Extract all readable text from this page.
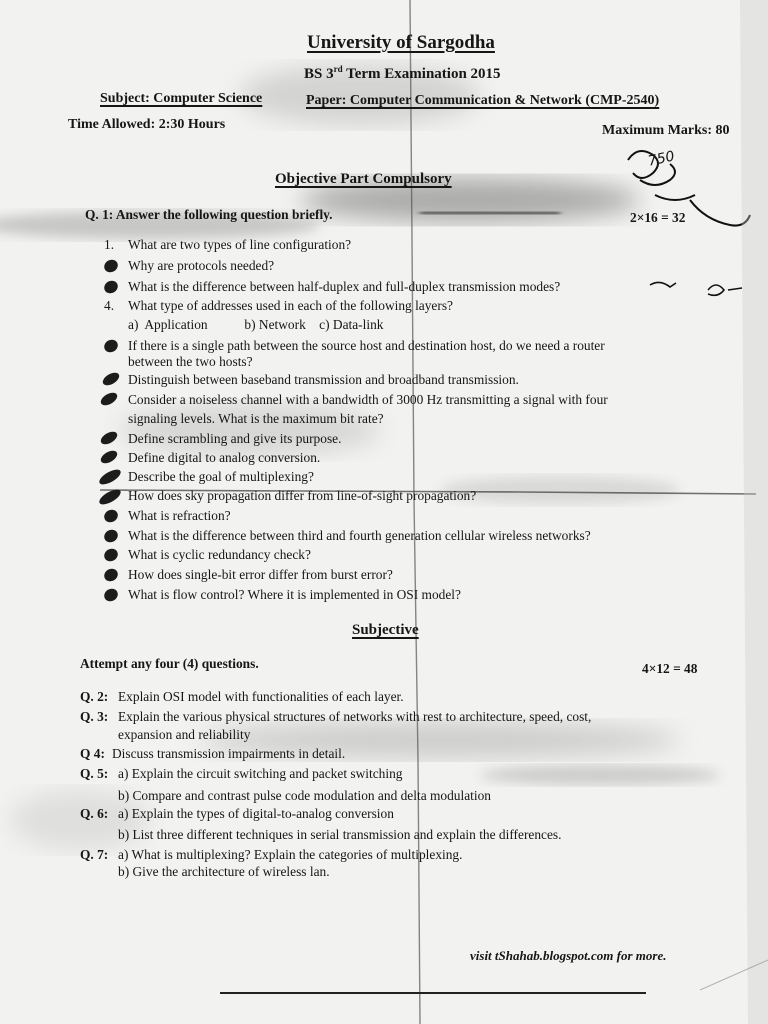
University of Sargodha
BS 3rd Term Examination 2015
Subject: Computer Science	Paper: Computer Communication & Network (CMP-2540)
Time Allowed: 2:30 Hours	Maximum Marks: 80
750
Objective Part Compulsory
Q. 1: Answer the following question briefly.	2×16 = 32
1. What are two types of line configuration?
Why are protocols needed?
What is the difference between half-duplex and full-duplex transmission modes?
4. What type of addresses used in each of the following layers?
a)  Application           b) Network    c) Data-link
If there is a single path between the source host and destination host, do we need a router
between the two hosts?
Distinguish between baseband transmission and broadband transmission.
Consider a noiseless channel with a bandwidth of 3000 Hz transmitting a signal with four
signaling levels. What is the maximum bit rate?
Define scrambling and give its purpose.
Define digital to analog conversion.
Describe the goal of multiplexing?
How does sky propagation differ from line-of-sight propagation?
What is refraction?
What is the difference between third and fourth generation cellular wireless networks?
What is cyclic redundancy check?
How does single-bit error differ from burst error?
What is flow control? Where it is implemented in OSI model?
Subjective
Attempt any four (4) questions.	4×12 = 48
Q. 2: Explain OSI model with functionalities of each layer.
Q. 3: Explain the various physical structures of networks with rest to architecture, speed, cost,
expansion and reliability
Q 4: Discuss transmission impairments in detail.
Q. 5: a) Explain the circuit switching and packet switching
b) Compare and contrast pulse code modulation and delta modulation
Q. 6: a) Explain the types of digital-to-analog conversion
b) List three different techniques in serial transmission and explain the differences.
Q. 7: a) What is multiplexing? Explain the categories of multiplexing.
b) Give the architecture of wireless lan.
visit tShahab.blogspot.com for more.
